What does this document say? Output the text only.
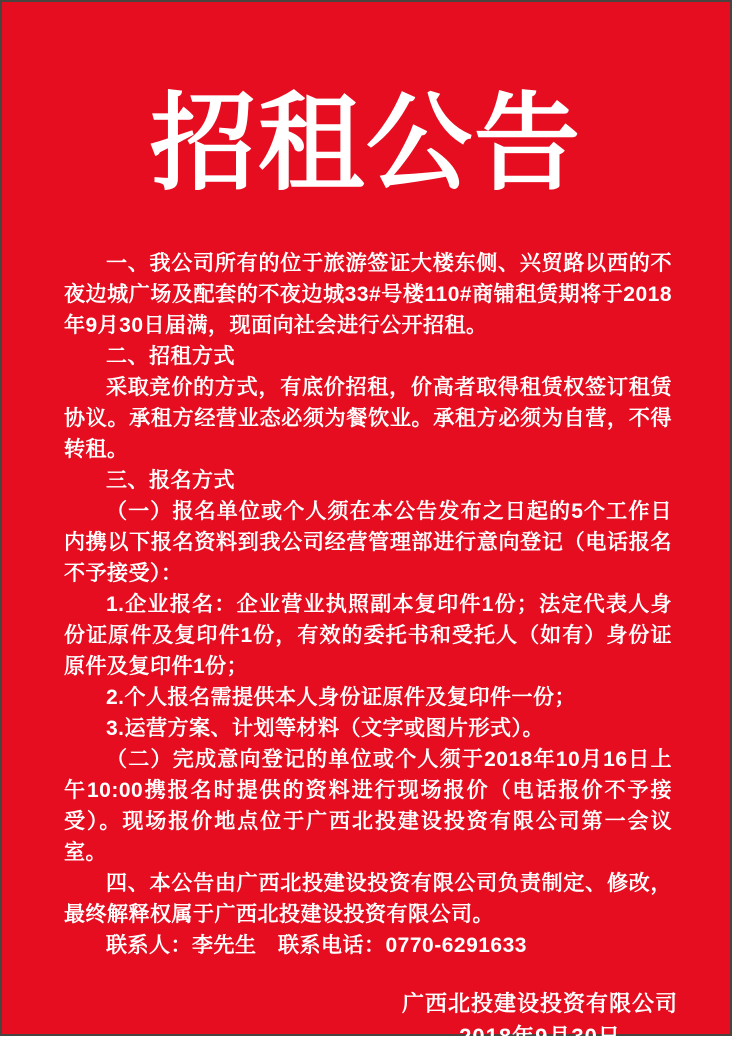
招租公告

一、我公司所有的位于旅游签证大楼东侧、兴贸路以西的不夜边城广场及配套的不夜边城33#号楼110#商铺租赁期将于2018年9月30日届满，现面向社会进行公开招租。

二、招租方式

采取竞价的方式，有底价招租，价高者取得租赁权签订租赁协议。承租方经营业态必须为餐饮业。承租方必须为自营，不得转租。

三、报名方式

（一）报名单位或个人须在本公告发布之日起的5个工作日内携以下报名资料到我公司经营管理部进行意向登记（电话报名不予接受）：

1.企业报名：企业营业执照副本复印件1份；法定代表人身份证原件及复印件1份，有效的委托书和受托人（如有）身份证原件及复印件1份；

2.个人报名需提供本人身份证原件及复印件一份；

3.运营方案、计划等材料（文字或图片形式）。

（二）完成意向登记的单位或个人须于2018年10月16日上午10:00携报名时提供的资料进行现场报价（电话报价不予接受）。现场报价地点位于广西北投建设投资有限公司第一会议室。

四、本公告由广西北投建设投资有限公司负责制定、修改，最终解释权属于广西北投建设投资有限公司。

联系人：李先生　联系电话：0770-6291633

广西北投建设投资有限公司
2018年9月30日
